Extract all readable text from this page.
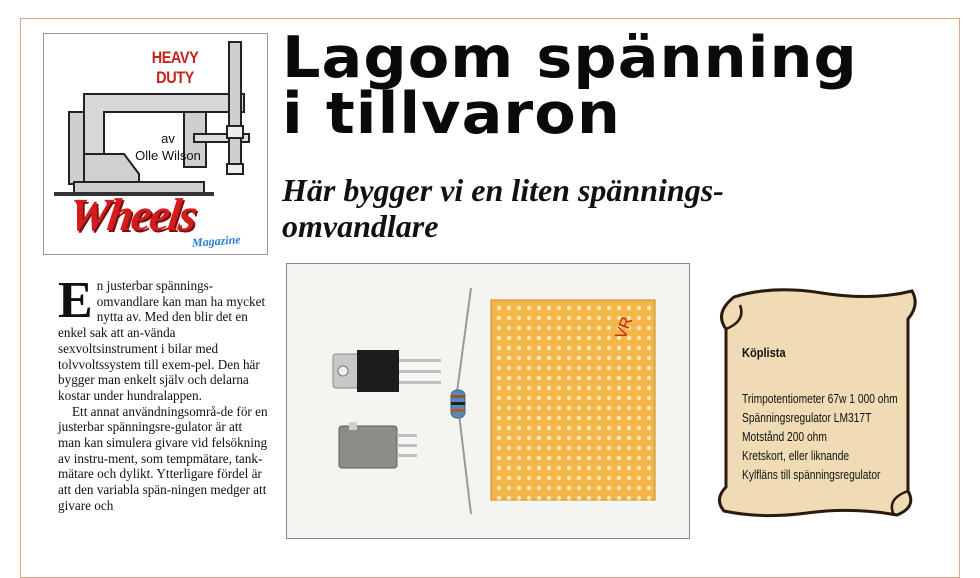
HEAVY
DUTY
av
Olle Wilson
Wheels
Magazine
Lagom spänning
i tillvaron
Här bygger vi en liten spännings-
omvandlare

En justerbar spännings-omvandlare kan man ha mycket nytta av. Med den blir det en enkel sak att an-vända sexvoltsinstrument i bilar med tolvvoltssystem till exem-pel. Den här bygger man enkelt själv och delarna kostar under hundralappen.

Ett annat användningsområ-de för en justerbar spänningsre-gulator är att man kan simulera givare vid felsökning av instru-ment, som tempmätare, tank-mätare och dylikt. Ytterligare fördel är att den variabla spän-ningen medger att givare och

VR
Köplista
Trimpotentiometer 67w 1 000 ohm
Spänningsregulator LM317T
Motstånd 200 ohm
Kretskort, eller liknande
Kylfläns till spänningsregulator
